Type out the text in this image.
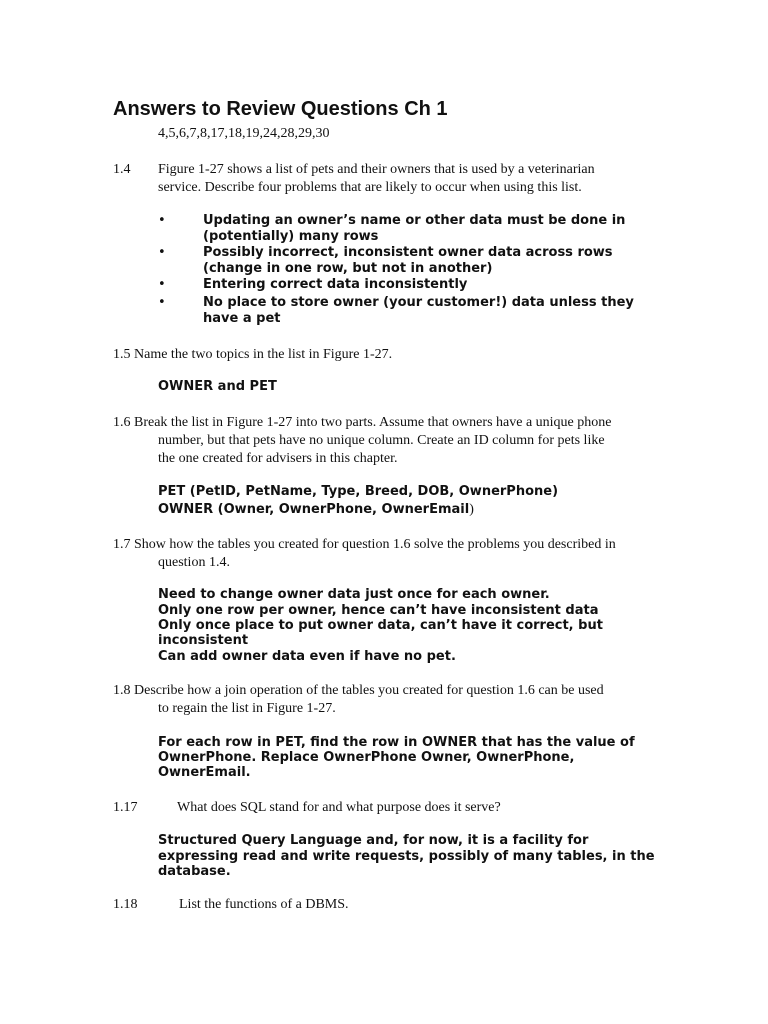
Answers to Review Questions Ch 1
4,5,6,7,8,17,18,19,24,28,29,30
1.4 Figure 1-27 shows a list of pets and their owners that is used by a veterinarian
service. Describe four problems that are likely to occur when using this list.
•	Updating an owner’s name or other data must be done in
(potentially) many rows
•	Possibly incorrect, inconsistent owner data across rows
(change in one row, but not in another)
•	Entering correct data inconsistently
•	No place to store owner (your customer!) data unless they
have a pet
1.5 Name the two topics in the list in Figure 1-27.
OWNER and PET
1.6 Break the list in Figure 1-27 into two parts. Assume that owners have a unique phone
number, but that pets have no unique column. Create an ID column for pets like
the one created for advisers in this chapter.
PET (PetID, PetName, Type, Breed, DOB, OwnerPhone)
OWNER (Owner, OwnerPhone, OwnerEmail)
1.7 Show how the tables you created for question 1.6 solve the problems you described in
question 1.4.
Need to change owner data just once for each owner.
Only one row per owner, hence can’t have inconsistent data
Only once place to put owner data, can’t have it correct, but
inconsistent
Can add owner data even if have no pet.
1.8 Describe how a join operation of the tables you created for question 1.6 can be used
to regain the list in Figure 1-27.
For each row in PET, find the row in OWNER that has the value of
OwnerPhone. Replace OwnerPhone Owner, OwnerPhone,
OwnerEmail.
1.17	What does SQL stand for and what purpose does it serve?
Structured Query Language and, for now, it is a facility for
expressing read and write requests, possibly of many tables, in the
database.
1.18	List the functions of a DBMS.
